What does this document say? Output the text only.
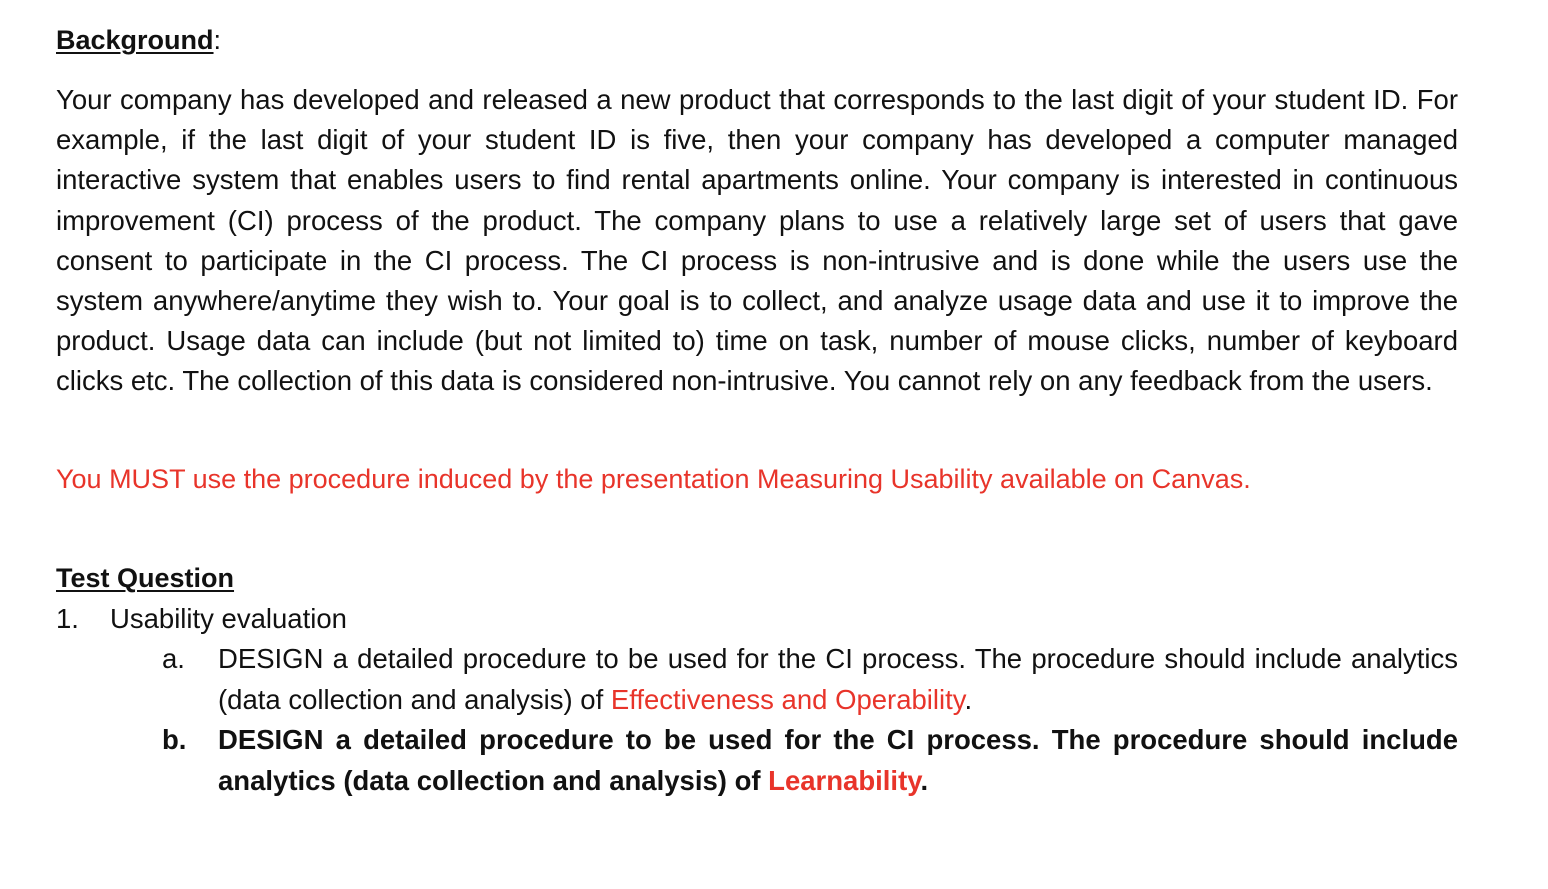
Background:
Your company has developed and released a new product that corresponds to the last digit of your student ID. For example, if the last digit of your student ID is five, then your company has developed a computer managed interactive system that enables users to find rental apartments online. Your company is interested in continuous improvement (CI) process of the product. The company plans to use a relatively large set of users that gave consent to participate in the CI process. The CI process is non-intrusive and is done while the users use the system anywhere/anytime they wish to. Your goal is to collect, and analyze usage data and use it to improve the product. Usage data can include (but not limited to) time on task, number of mouse clicks, number of keyboard clicks etc. The collection of this data is considered non-intrusive. You cannot rely on any feedback from the users.
You MUST use the procedure induced by the presentation Measuring Usability available on Canvas.
Test Question
1. Usability evaluation
a. DESIGN a detailed procedure to be used for the CI process. The procedure should include analytics (data collection and analysis) of Effectiveness and Operability.
b. DESIGN a detailed procedure to be used for the CI process. The procedure should include analytics (data collection and analysis) of Learnability.
